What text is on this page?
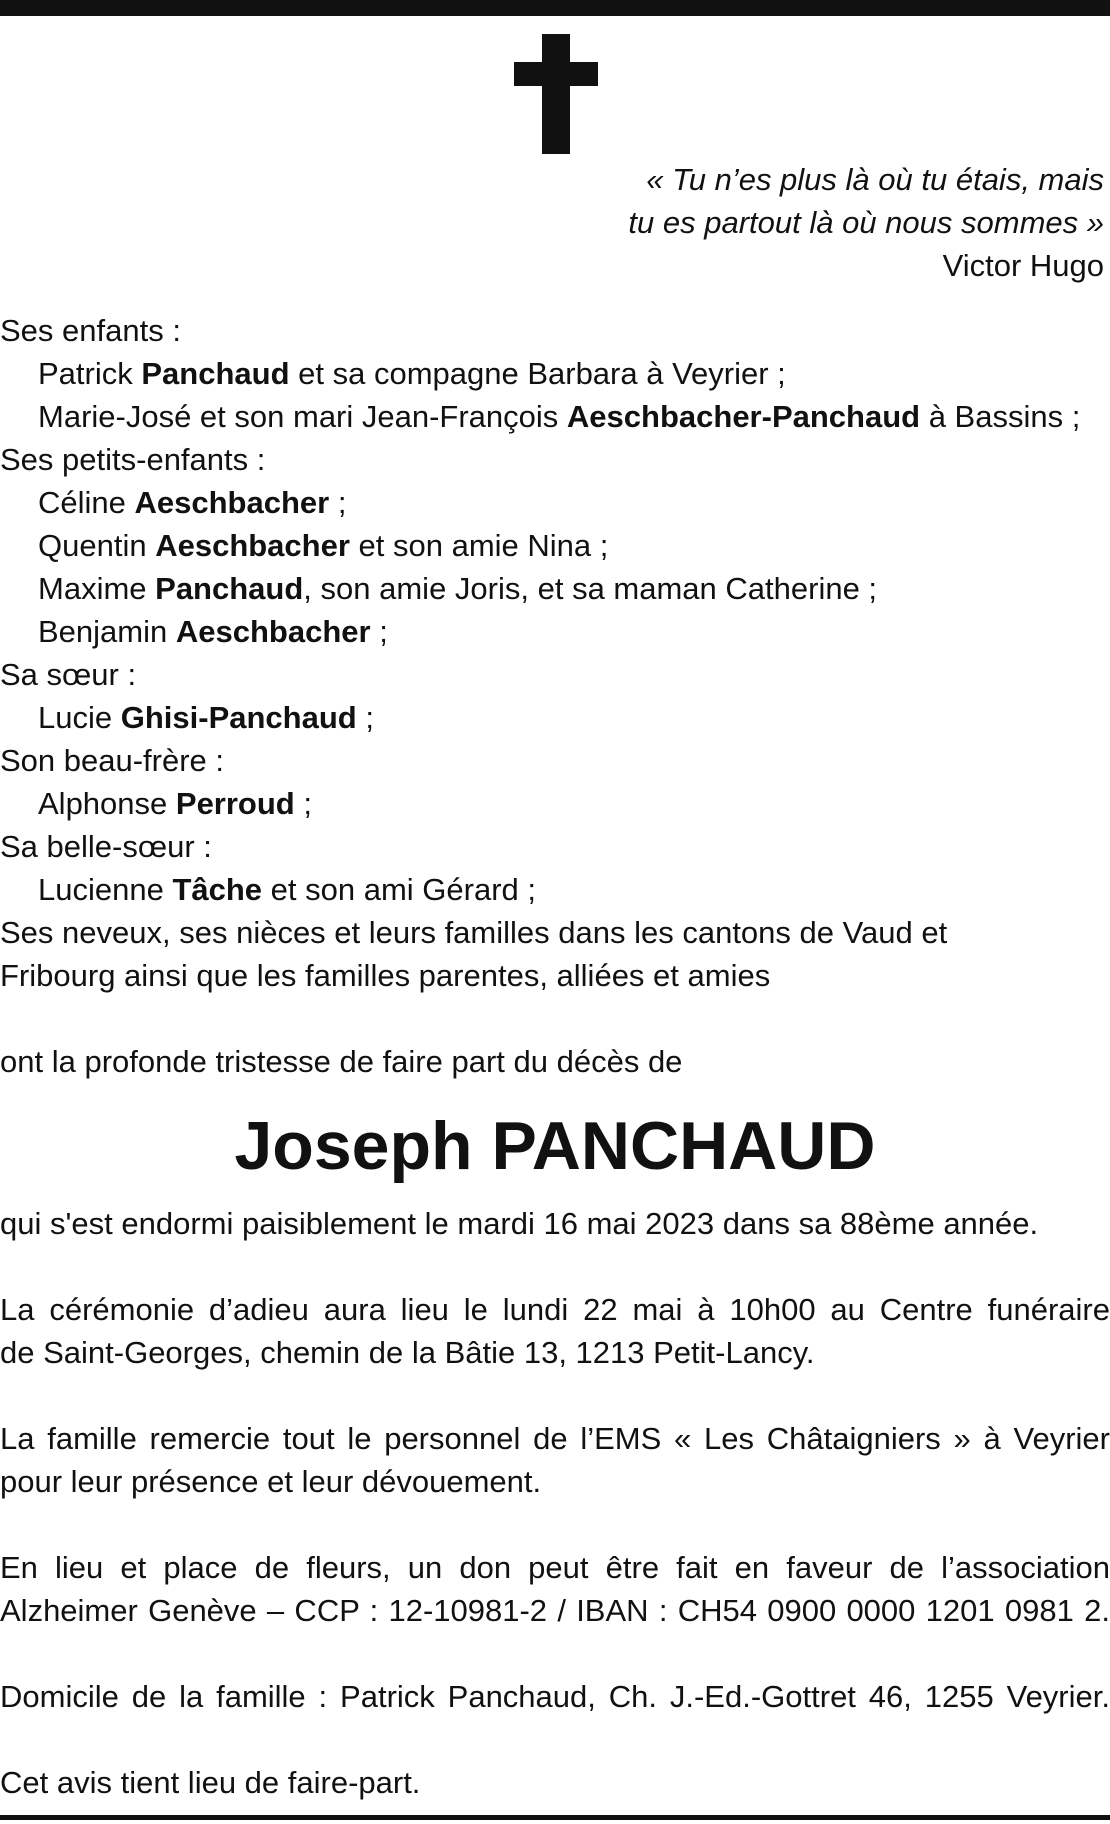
« Tu n’es plus là où tu étais, mais
tu es partout là où nous sommes »
Victor Hugo
Ses enfants :
Patrick Panchaud et sa compagne Barbara à Veyrier ;
Marie-José et son mari Jean-François Aeschbacher-Panchaud à Bassins ;
Ses petits-enfants :
Céline Aeschbacher ;
Quentin Aeschbacher et son amie Nina ;
Maxime Panchaud, son amie Joris, et sa maman Catherine ;
Benjamin Aeschbacher ;
Sa sœur :
Lucie Ghisi-Panchaud ;
Son beau-frère :
Alphonse Perroud ;
Sa belle-sœur :
Lucienne Tâche et son ami Gérard ;
Ses neveux, ses nièces et leurs familles dans les cantons de Vaud et
Fribourg ainsi que les familles parentes, alliées et amies
ont la profonde tristesse de faire part du décès de
Joseph PANCHAUD
qui s'est endormi paisiblement le mardi 16 mai 2023 dans sa 88ème année.
La cérémonie d’adieu aura lieu le lundi 22 mai à 10h00 au Centre funéraire
de Saint-Georges, chemin de la Bâtie 13, 1213 Petit-Lancy.
La famille remercie tout le personnel de l’EMS « Les Châtaigniers » à Veyrier
pour leur présence et leur dévouement.
En lieu et place de fleurs, un don peut être fait en faveur de l’association
Alzheimer Genève – CCP : 12-10981-2 / IBAN : CH54 0900 0000 1201 0981 2.
Domicile de la famille : Patrick Panchaud, Ch. J.-Ed.-Gottret 46, 1255 Veyrier.
Cet avis tient lieu de faire-part.
